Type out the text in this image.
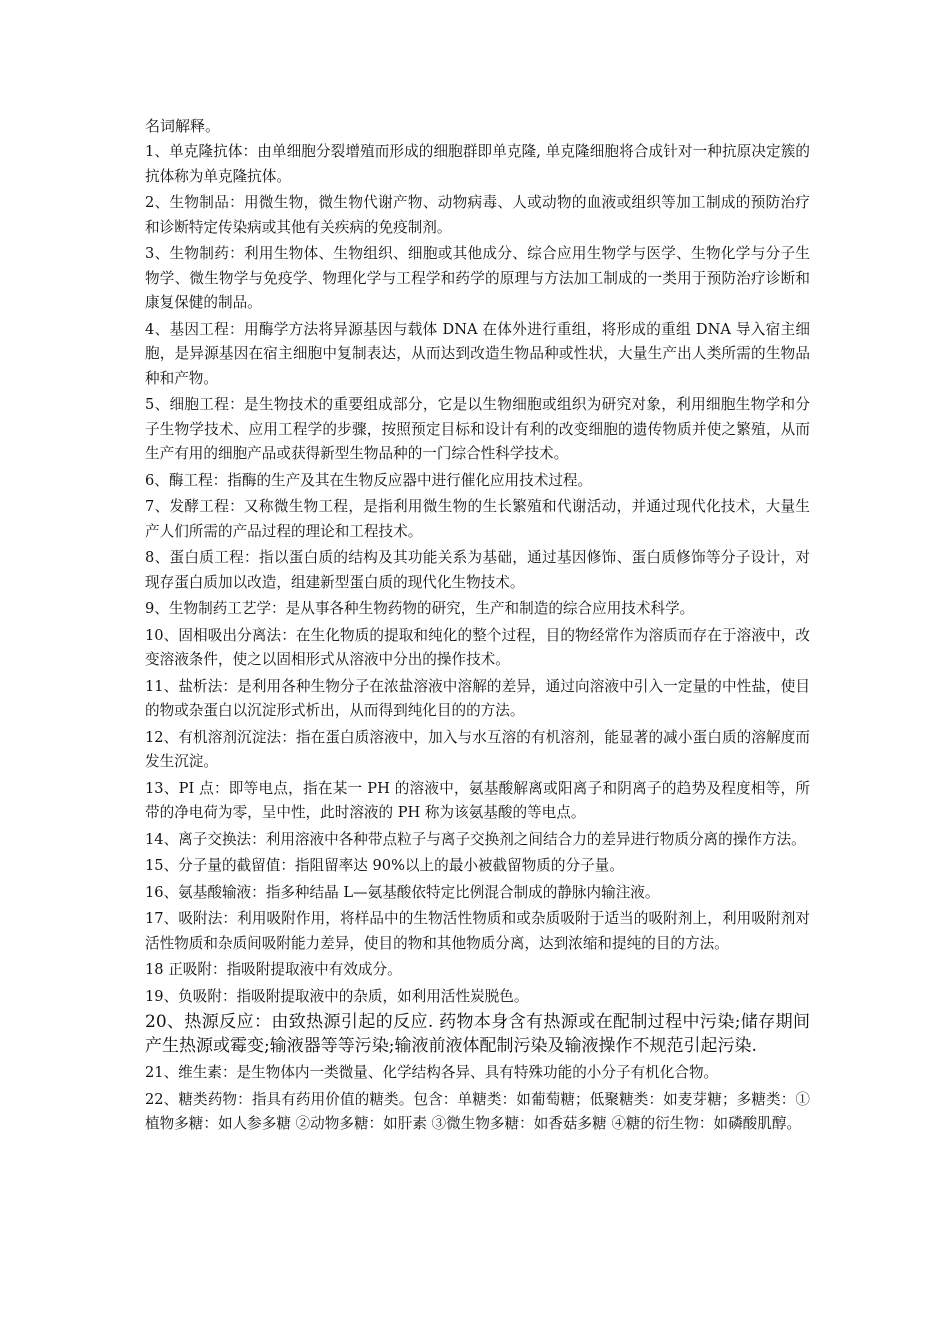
名词解释。

1、单克隆抗体：由单细胞分裂增殖而形成的细胞群即单克隆, 单克隆细胞将合成针对一种抗原决定簇的抗体称为单克隆抗体。

2、生物制品：用微生物，微生物代谢产物、动物病毒、人或动物的血液或组织等加工制成的预防治疗和诊断特定传染病或其他有关疾病的免疫制剂。

3、生物制药：利用生物体、生物组织、细胞或其他成分、综合应用生物学与医学、生物化学与分子生物学、微生物学与免疫学、物理化学与工程学和药学的原理与方法加工制成的一类用于预防治疗诊断和康复保健的制品。

4、基因工程：用酶学方法将异源基因与载体 DNA 在体外进行重组，将形成的重组 DNA 导入宿主细胞，是异源基因在宿主细胞中复制表达，从而达到改造生物品种或性状，大量生产出人类所需的生物品种和产物。

5、细胞工程：是生物技术的重要组成部分，它是以生物细胞或组织为研究对象，利用细胞生物学和分子生物学技术、应用工程学的步骤，按照预定目标和设计有利的改变细胞的遗传物质并使之繁殖，从而生产有用的细胞产品或获得新型生物品种的一门综合性科学技术。

6、酶工程：指酶的生产及其在生物反应器中进行催化应用技术过程。

7、发酵工程：又称微生物工程，是指利用微生物的生长繁殖和代谢活动，并通过现代化技术，大量生产人们所需的产品过程的理论和工程技术。

8、蛋白质工程：指以蛋白质的结构及其功能关系为基础，通过基因修饰、蛋白质修饰等分子设计，对现存蛋白质加以改造，组建新型蛋白质的现代化生物技术。

9、生物制药工艺学：是从事各种生物药物的研究，生产和制造的综合应用技术科学。

10、固相吸出分离法：在生化物质的提取和纯化的整个过程，目的物经常作为溶质而存在于溶液中，改变溶液条件，使之以固相形式从溶液中分出的操作技术。

11、盐析法：是利用各种生物分子在浓盐溶液中溶解的差异，通过向溶液中引入一定量的中性盐，使目的物或杂蛋白以沉淀形式析出，从而得到纯化目的的方法。

12、有机溶剂沉淀法：指在蛋白质溶液中，加入与水互溶的有机溶剂，能显著的减小蛋白质的溶解度而发生沉淀。

13、PI 点：即等电点，指在某一 PH 的溶液中，氨基酸解离或阳离子和阴离子的趋势及程度相等，所带的净电荷为零，呈中性，此时溶液的 PH 称为该氨基酸的等电点。

14、离子交换法：利用溶液中各种带点粒子与离子交换剂之间结合力的差异进行物质分离的操作方法。

15、分子量的截留值：指阻留率达 90%以上的最小被截留物质的分子量。

16、氨基酸输液：指多种结晶 L—氨基酸依特定比例混合制成的静脉内输注液。

17、吸附法：利用吸附作用，将样品中的生物活性物质和或杂质吸附于适当的吸附剂上，利用吸附剂对活性物质和杂质间吸附能力差异，使目的物和其他物质分离，达到浓缩和提纯的目的方法。

18 正吸附：指吸附提取液中有效成分。

19、负吸附：指吸附提取液中的杂质，如利用活性炭脱色。

20、热源反应：由致热源引起的反应. 药物本身含有热源或在配制过程中污染;储存期间产生热源或霉变;输液器等等污染;输液前液体配制污染及输液操作不规范引起污染.

21、维生素：是生物体内一类微量、化学结构各异、具有特殊功能的小分子有机化合物。

22、糖类药物：指具有药用价值的糖类。包含：单糖类：如葡萄糖；低聚糖类：如麦芽糖；多糖类：①植物多糖：如人参多糖 ②动物多糖：如肝素 ③微生物多糖：如香菇多糖 ④糖的衍生物：如磷酸肌醇。
